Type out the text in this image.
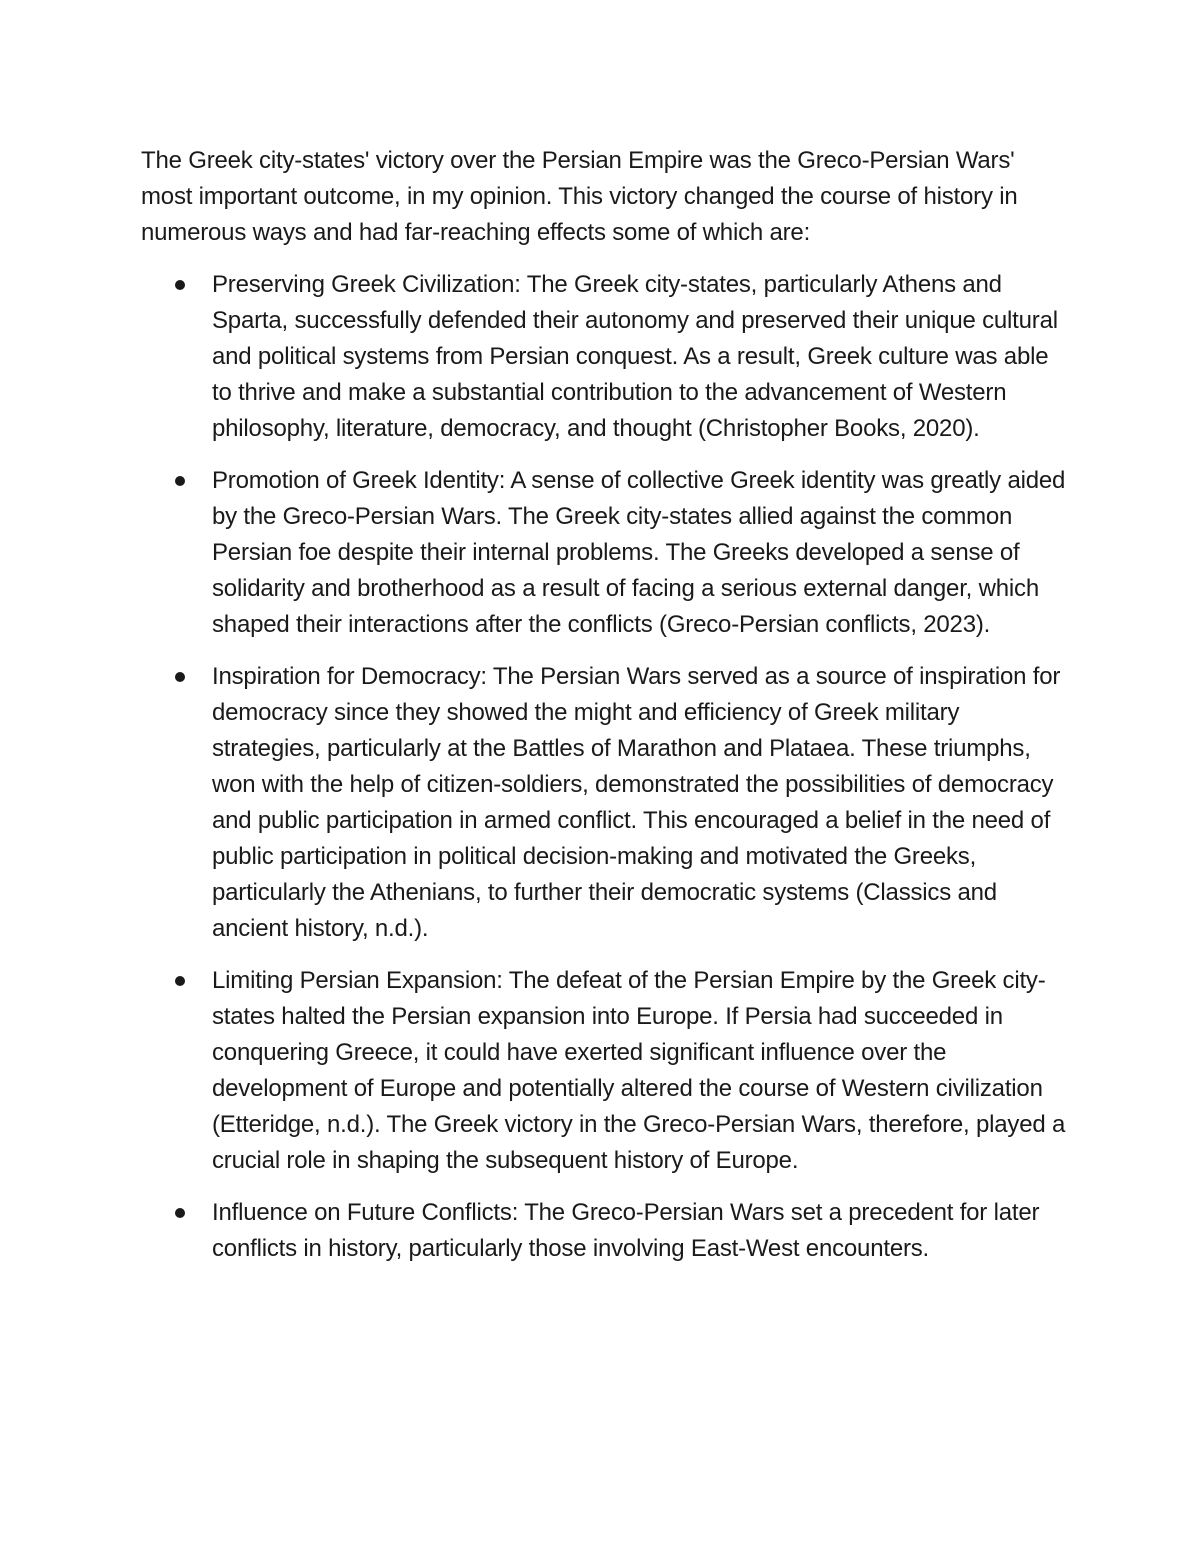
The Greek city-states' victory over the Persian Empire was the Greco-Persian Wars' most important outcome, in my opinion. This victory changed the course of history in numerous ways and had far-reaching effects some of which are:

Preserving Greek Civilization: The Greek city-states, particularly Athens and Sparta, successfully defended their autonomy and preserved their unique cultural and political systems from Persian conquest. As a result, Greek culture was able to thrive and make a substantial contribution to the advancement of Western philosophy, literature, democracy, and thought (Christopher Books, 2020).
Promotion of Greek Identity: A sense of collective Greek identity was greatly aided by the Greco-Persian Wars. The Greek city-states allied against the common Persian foe despite their internal problems. The Greeks developed a sense of solidarity and brotherhood as a result of facing a serious external danger, which shaped their interactions after the conflicts (Greco-Persian conflicts, 2023).
Inspiration for Democracy: The Persian Wars served as a source of inspiration for democracy since they showed the might and efficiency of Greek military strategies, particularly at the Battles of Marathon and Plataea. These triumphs, won with the help of citizen-soldiers, demonstrated the possibilities of democracy and public participation in armed conflict. This encouraged a belief in the need of public participation in political decision-making and motivated the Greeks, particularly the Athenians, to further their democratic systems (Classics and ancient history, n.d.).
Limiting Persian Expansion: The defeat of the Persian Empire by the Greek city-states halted the Persian expansion into Europe. If Persia had succeeded in conquering Greece, it could have exerted significant influence over the development of Europe and potentially altered the course of Western civilization (Etteridge, n.d.). The Greek victory in the Greco-Persian Wars, therefore, played a crucial role in shaping the subsequent history of Europe.
Influence on Future Conflicts: The Greco-Persian Wars set a precedent for later conflicts in history, particularly those involving East-West encounters.
